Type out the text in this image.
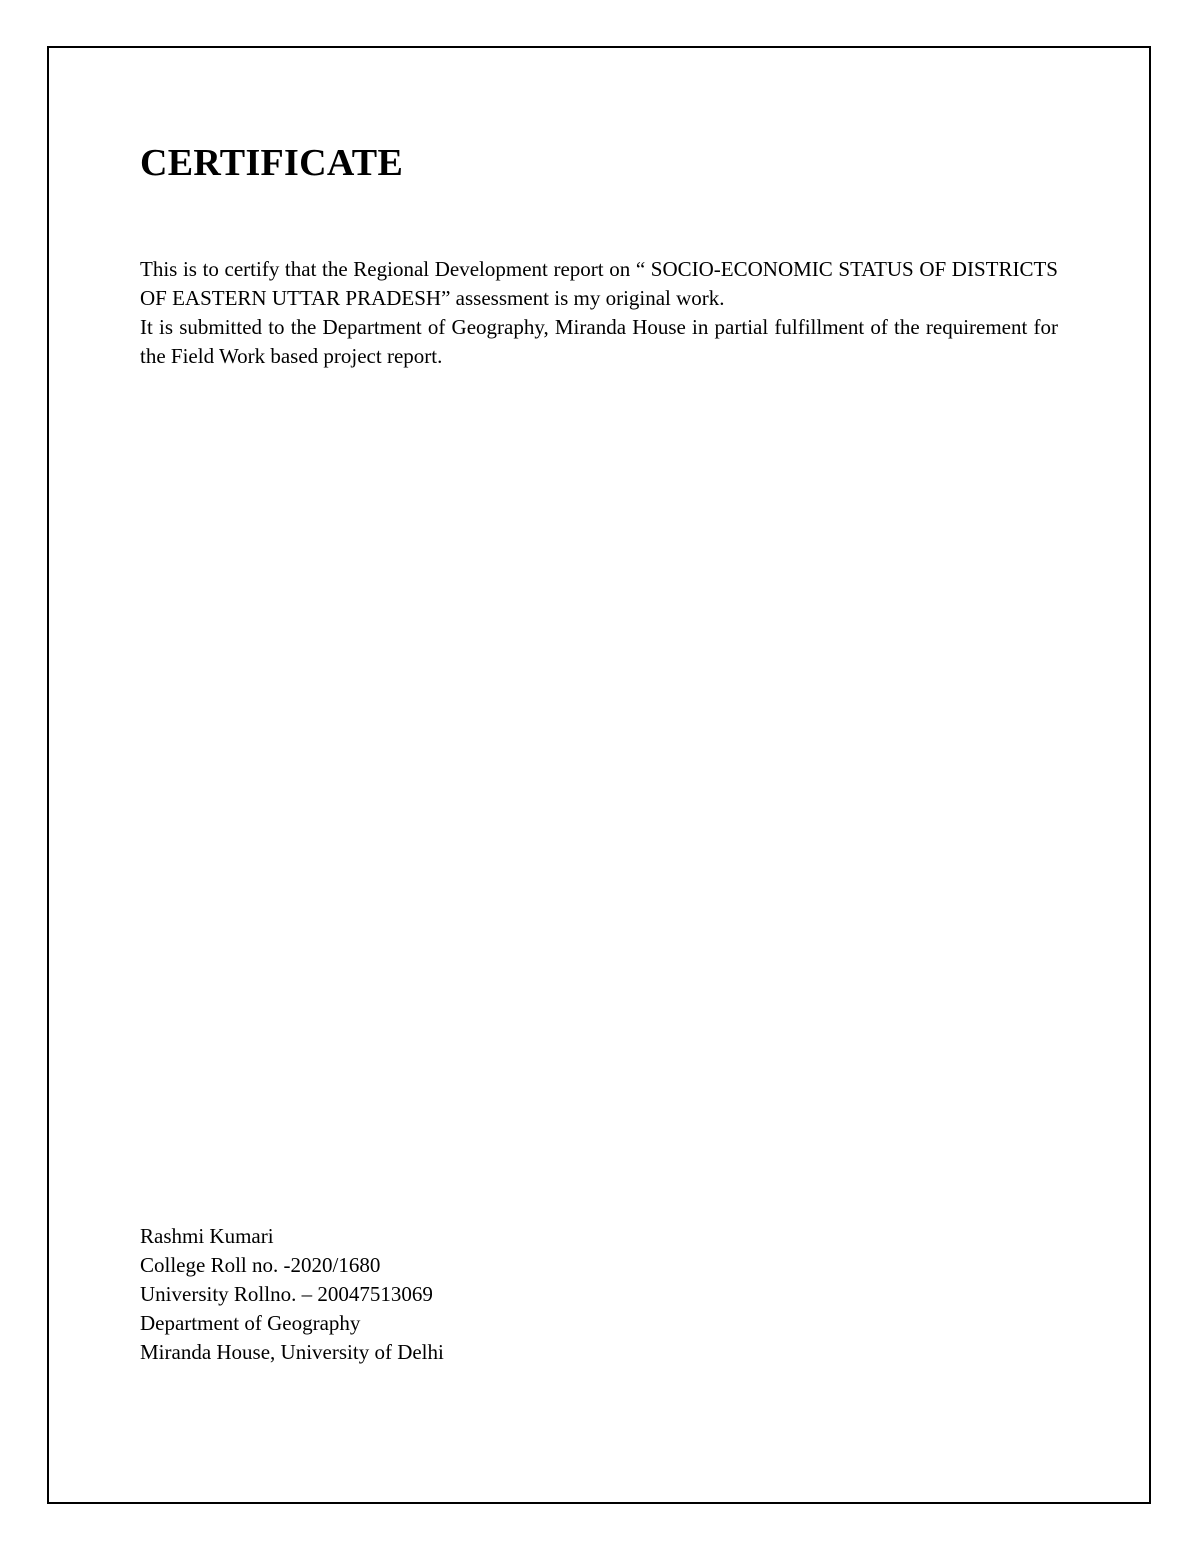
CERTIFICATE

This is to certify that the Regional Development report on “ SOCIO-ECONOMIC STATUS OF DISTRICTS OF EASTERN UTTAR PRADESH” assessment is my original work.

It is submitted to the Department of Geography, Miranda House in partial fulfillment of the requirement for the Field Work based project report.

Rashmi Kumari
College Roll no. -2020/1680
University Rollno. – 20047513069
Department of Geography
Miranda House, University of Delhi
